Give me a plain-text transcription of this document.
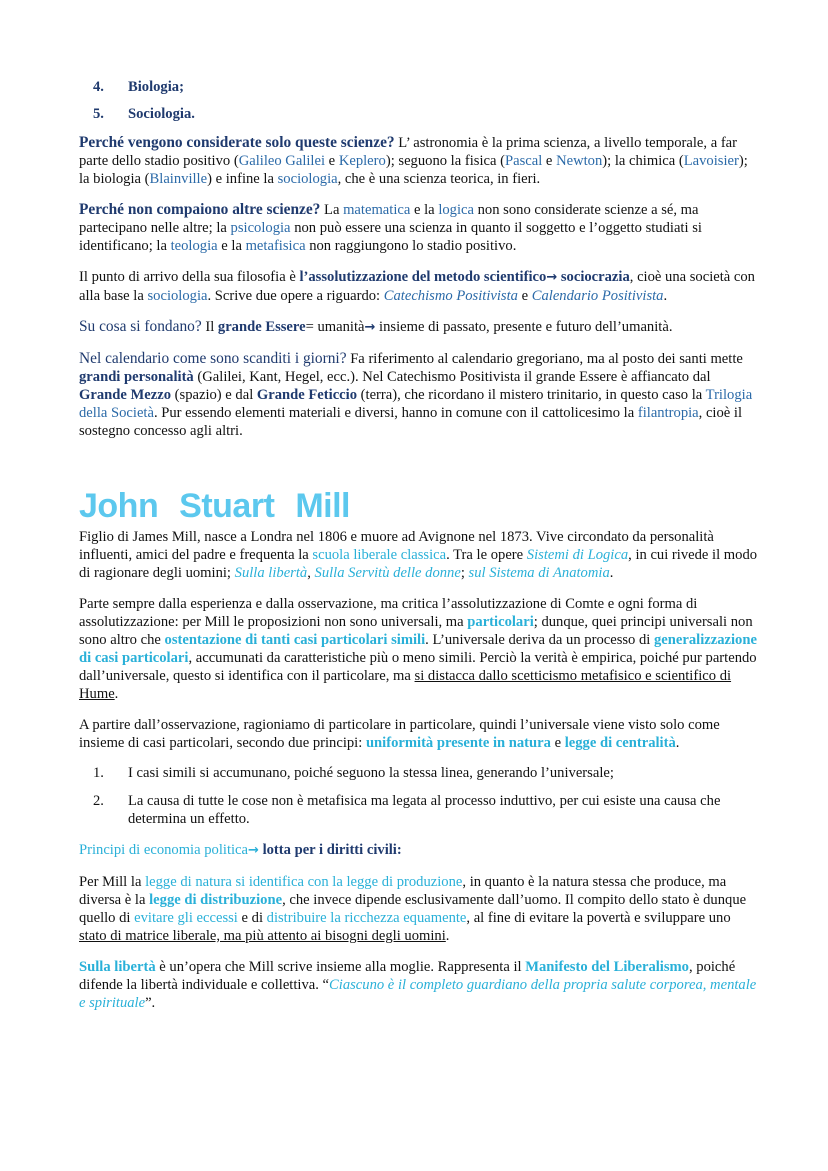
4.	Biologia;
5.	Sociologia.

Perché vengono considerate solo queste scienze? L’ astronomia è la prima scienza, a livello temporale, a far parte dello stadio positivo (Galileo Galilei e Keplero); seguono la fisica (Pascal e Newton); la chimica (Lavoisier); la biologia (Blainville) e infine la sociologia, che è una scienza teorica, in fieri.

Perché non compaiono altre scienze? La matematica e la logica non sono considerate scienze a sé, ma partecipano nelle altre; la psicologia non può essere una scienza in quanto il soggetto e l’oggetto studiati si identificano; la teologia e la metafisica non raggiungono lo stadio positivo.

Il punto di arrivo della sua filosofia è l’assolutizzazione del metodo scientifico→ sociocrazia, cioè una società con alla base la sociologia. Scrive due opere a riguardo: Catechismo Positivista e Calendario Positivista.

Su cosa si fondano? Il grande Essere= umanità→ insieme di passato, presente e futuro dell’umanità.

Nel calendario come sono scanditi i giorni? Fa riferimento al calendario gregoriano, ma al posto dei santi mette grandi personalità (Galilei, Kant, Hegel, ecc.). Nel Catechismo Positivista il grande Essere è affiancato dal Grande Mezzo (spazio) e dal Grande Feticcio (terra), che ricordano il mistero trinitario, in questo caso la Trilogia della Società. Pur essendo elementi materiali e diversi, hanno in comune con il cattolicesimo la filantropia, cioè il sostegno concesso agli altri.

John Stuart Mill

Figlio di James Mill, nasce a Londra nel 1806 e muore ad Avignone nel 1873. Vive circondato da personalità influenti, amici del padre e frequenta la scuola liberale classica. Tra le opere Sistemi di Logica, in cui rivede il modo di ragionare degli uomini; Sulla libertà, Sulla Servitù delle donne; sul Sistema di Anatomia.

Parte sempre dalla esperienza e dalla osservazione, ma critica l’assolutizzazione di Comte e ogni forma di assolutizzazione: per Mill le proposizioni non sono universali, ma particolari; dunque, quei principi universali non sono altro che ostentazione di tanti casi particolari simili. L’universale deriva da un processo di generalizzazione di casi particolari, accumunati da caratteristiche più o meno simili. Perciò la verità è empirica, poiché pur partendo dall’universale, questo si identifica con il particolare, ma si distacca dallo scetticismo metafisico e scientifico di Hume.

A partire dall’osservazione, ragioniamo di particolare in particolare, quindi l’universale viene visto solo come insieme di casi particolari, secondo due principi: uniformità presente in natura e legge di centralità.

1.	I casi simili si accumunano, poiché seguono la stessa linea, generando l’universale;
2.	La causa di tutte le cose non è metafisica ma legata al processo induttivo, per cui esiste una causa che determina un effetto.

Principi di economia politica→ lotta per i diritti civili:

Per Mill la legge di natura si identifica con la legge di produzione, in quanto è la natura stessa che produce, ma diversa è la legge di distribuzione, che invece dipende esclusivamente dall’uomo. Il compito dello stato è dunque quello di evitare gli eccessi e di distribuire la ricchezza equamente, al fine di evitare la povertà e sviluppare uno stato di matrice liberale, ma più attento ai bisogni degli uomini.

Sulla libertà è un’opera che Mill scrive insieme alla moglie. Rappresenta il Manifesto del Liberalismo, poiché difende la libertà individuale e collettiva. “Ciascuno è il completo guardiano della propria salute corporea, mentale e spirituale”.
